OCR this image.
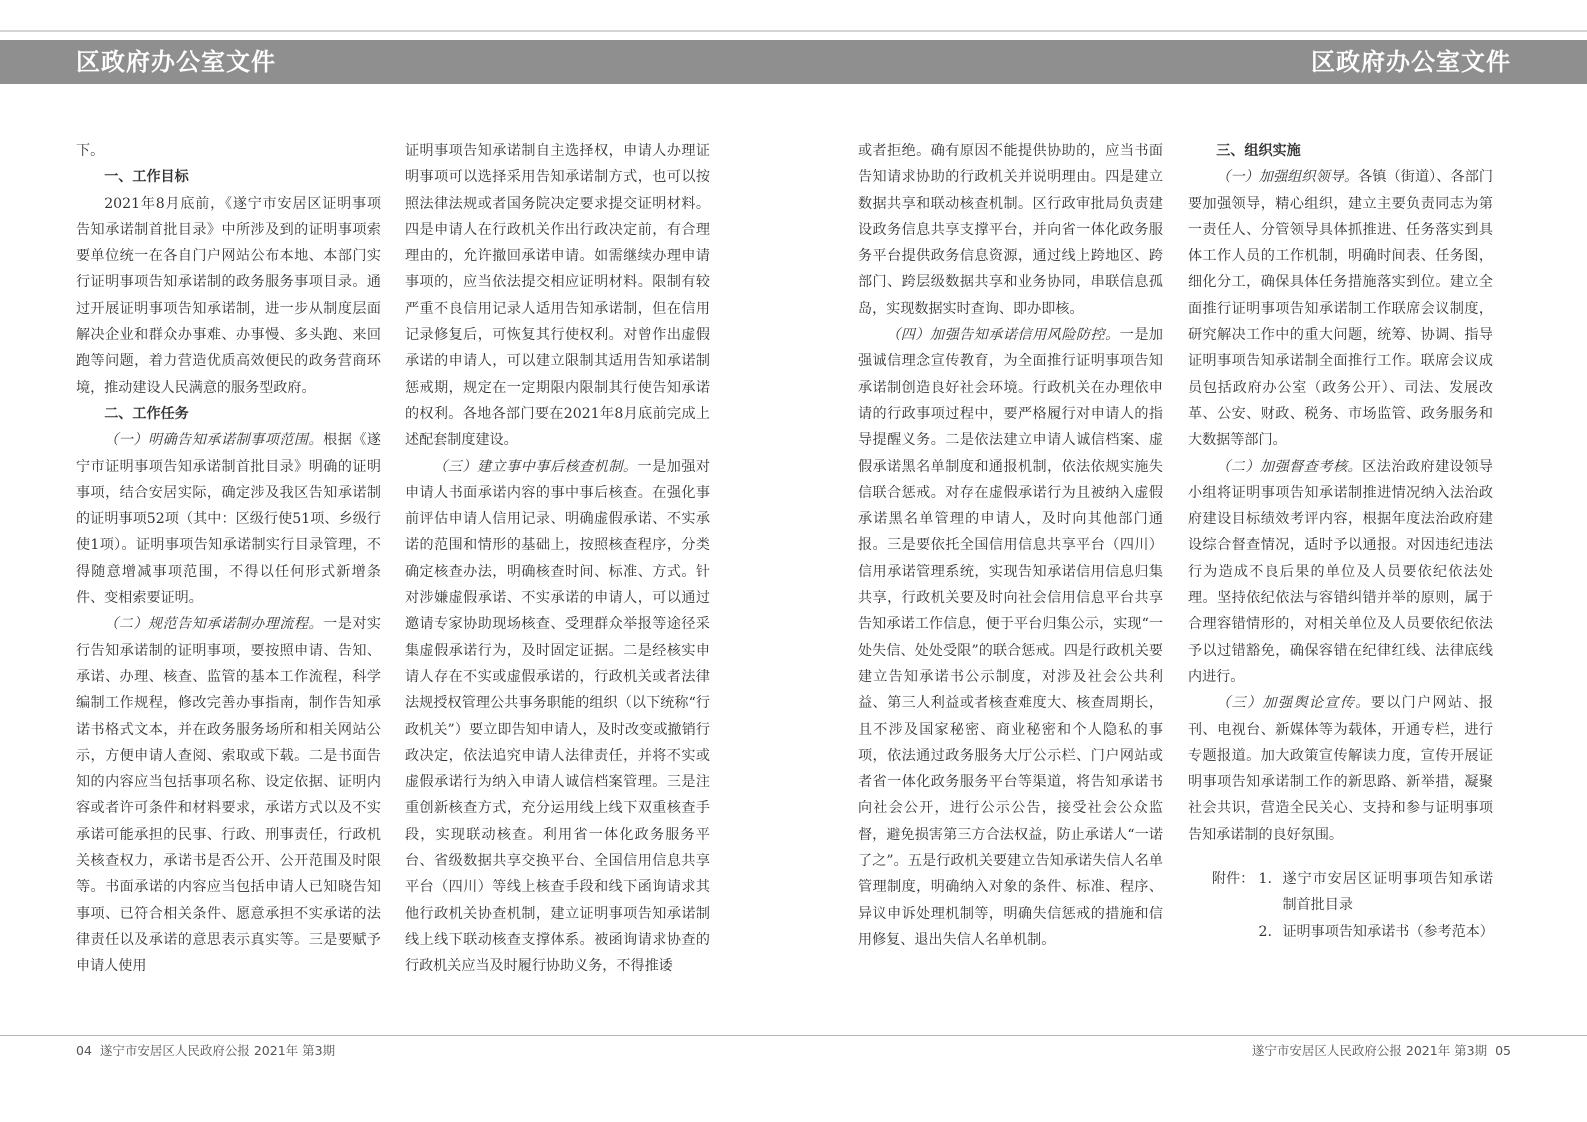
区政府办公室文件	区政府办公室文件

下。

一、工作目标

2021年8月底前，《遂宁市安居区证明事项告知承诺制首批目录》中所涉及到的证明事项索要单位统一在各自门户网站公布本地、本部门实行证明事项告知承诺制的政务服务事项目录。通过开展证明事项告知承诺制，进一步从制度层面解决企业和群众办事难、办事慢、多头跑、来回跑等问题，着力营造优质高效便民的政务营商环境，推动建设人民满意的服务型政府。

二、工作任务

（一）明确告知承诺制事项范围。根据《遂宁市证明事项告知承诺制首批目录》明确的证明事项，结合安居实际，确定涉及我区告知承诺制的证明事项52项（其中：区级行使51项、乡级行使1项）。证明事项告知承诺制实行目录管理，不得随意增减事项范围，不得以任何形式新增条件、变相索要证明。

（二）规范告知承诺制办理流程。一是对实行告知承诺制的证明事项，要按照申请、告知、承诺、办理、核查、监管的基本工作流程，科学编制工作规程，修改完善办事指南，制作告知承诺书格式文本，并在政务服务场所和相关网站公示，方便申请人查阅、索取或下载。二是书面告知的内容应当包括事项名称、设定依据、证明内容或者许可条件和材料要求，承诺方式以及不实承诺可能承担的民事、行政、刑事责任，行政机关核查权力，承诺书是否公开、公开范围及时限等。书面承诺的内容应当包括申请人已知晓告知事项、已符合相关条件、愿意承担不实承诺的法律责任以及承诺的意思表示真实等。三是要赋予申请人使用

证明事项告知承诺制自主选择权，申请人办理证明事项可以选择采用告知承诺制方式，也可以按照法律法规或者国务院决定要求提交证明材料。四是申请人在行政机关作出行政决定前，有合理理由的，允许撤回承诺申请。如需继续办理申请事项的，应当依法提交相应证明材料。限制有较严重不良信用记录人适用告知承诺制，但在信用记录修复后，可恢复其行使权利。对曾作出虚假承诺的申请人，可以建立限制其适用告知承诺制惩戒期，规定在一定期限内限制其行使告知承诺的权利。各地各部门要在2021年8月底前完成上述配套制度建设。

（三）建立事中事后核查机制。一是加强对申请人书面承诺内容的事中事后核查。在强化事前评估申请人信用记录、明确虚假承诺、不实承诺的范围和情形的基础上，按照核查程序，分类确定核查办法，明确核查时间、标准、方式。针对涉嫌虚假承诺、不实承诺的申请人，可以通过邀请专家协助现场核查、受理群众举报等途径采集虚假承诺行为，及时固定证据。二是经核实申请人存在不实或虚假承诺的，行政机关或者法律法规授权管理公共事务职能的组织（以下统称“行政机关”）要立即告知申请人，及时改变或撤销行政决定，依法追究申请人法律责任，并将不实或虚假承诺行为纳入申请人诚信档案管理。三是注重创新核查方式，充分运用线上线下双重核查手段，实现联动核查。利用省一体化政务服务平台、省级数据共享交换平台、全国信用信息共享平台（四川）等线上核查手段和线下函询请求其他行政机关协查机制，建立证明事项告知承诺制线上线下联动核查支撑体系。被函询请求协查的行政机关应当及时履行协助义务，不得推诿

或者拒绝。确有原因不能提供协助的，应当书面告知请求协助的行政机关并说明理由。四是建立数据共享和联动核查机制。区行政审批局负责建设政务信息共享支撑平台，并向省一体化政务服务平台提供政务信息资源，通过线上跨地区、跨部门、跨层级数据共享和业务协同，串联信息孤岛，实现数据实时查询、即办即核。

（四）加强告知承诺信用风险防控。一是加强诚信理念宣传教育，为全面推行证明事项告知承诺制创造良好社会环境。行政机关在办理依申请的行政事项过程中，要严格履行对申请人的指导提醒义务。二是依法建立申请人诚信档案、虚假承诺黑名单制度和通报机制，依法依规实施失信联合惩戒。对存在虚假承诺行为且被纳入虚假承诺黑名单管理的申请人，及时向其他部门通报。三是要依托全国信用信息共享平台（四川）信用承诺管理系统，实现告知承诺信用信息归集共享，行政机关要及时向社会信用信息平台共享告知承诺工作信息，便于平台归集公示，实现“一处失信、处处受限”的联合惩戒。四是行政机关要建立告知承诺书公示制度，对涉及社会公共利益、第三人利益或者核查难度大、核查周期长，且不涉及国家秘密、商业秘密和个人隐私的事项，依法通过政务服务大厅公示栏、门户网站或者省一体化政务服务平台等渠道，将告知承诺书向社会公开，进行公示公告，接受社会公众监督，避免损害第三方合法权益，防止承诺人“一诺了之”。五是行政机关要建立告知承诺失信人名单管理制度，明确纳入对象的条件、标准、程序、异议申诉处理机制等，明确失信惩戒的措施和信用修复、退出失信人名单机制。

三、组织实施

（一）加强组织领导。各镇（街道）、各部门要加强领导，精心组织，建立主要负责同志为第一责任人、分管领导具体抓推进、任务落实到具体工作人员的工作机制，明确时间表、任务图，细化分工，确保具体任务措施落实到位。建立全面推行证明事项告知承诺制工作联席会议制度，研究解决工作中的重大问题，统筹、协调、指导证明事项告知承诺制全面推行工作。联席会议成员包括政府办公室（政务公开）、司法、发展改革、公安、财政、税务、市场监管、政务服务和大数据等部门。

（二）加强督查考核。区法治政府建设领导小组将证明事项告知承诺制推进情况纳入法治政府建设目标绩效考评内容，根据年度法治政府建设综合督查情况，适时予以通报。对因违纪违法行为造成不良后果的单位及人员要依纪依法处理。坚持依纪依法与容错纠错并举的原则，属于合理容错情形的，对相关单位及人员要依纪依法予以过错豁免，确保容错在纪律红线、法律底线内进行。

（三）加强舆论宣传。要以门户网站、报刊、电视台、新媒体等为载体，开通专栏，进行专题报道。加大政策宣传解读力度，宣传开展证明事项告知承诺制工作的新思路、新举措，凝聚社会共识，营造全民关心、支持和参与证明事项告知承诺制的良好氛围。

附件： 1. 遂宁市安居区证明事项告知承诺制首批目录
2. 证明事项告知承诺书（参考范本）
04 遂宁市安居区人民政府公报 2021年 第3期	遂宁市安居区人民政府公报 2021年 第3期 05
